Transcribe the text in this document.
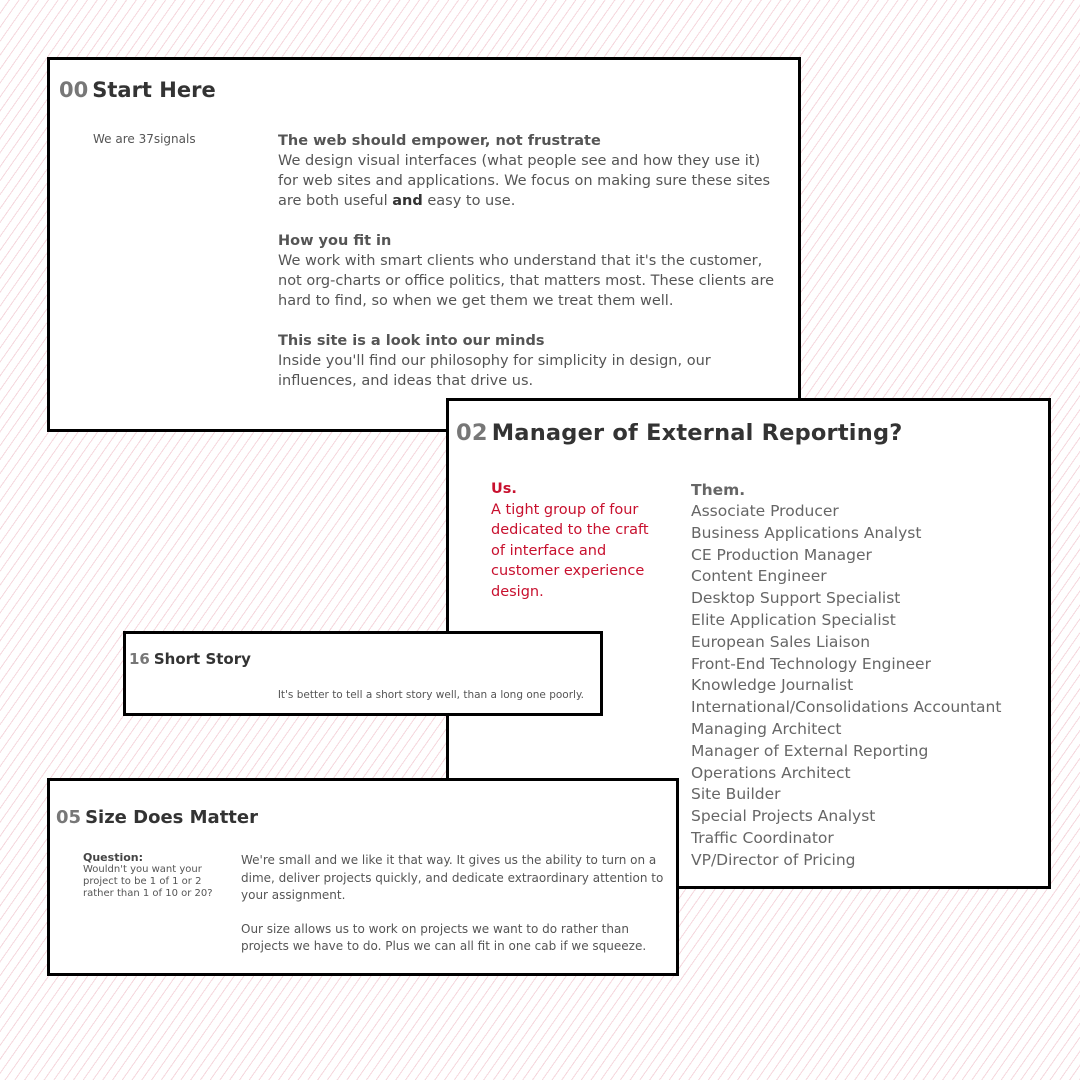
00 Start Here
We are 37signals	The web should empower, not frustrate
We design visual interfaces (what people see and how they use it) for web sites and applications. We focus on making sure these sites are both useful and easy to use.
How you fit in
We work with smart clients who understand that it's the customer, not org-charts or office politics, that matters most. These clients are hard to find, so when we get them we treat them well.
This site is a look into our minds
Inside you'll find our philosophy for simplicity in design, our influences, and ideas that drive us.
02 Manager of External Reporting?
Us.
A tight group of four dedicated to the craft of interface and customer experience design.
Them.
Associate Producer
Business Applications Analyst
CE Production Manager
Content Engineer
Desktop Support Specialist
Elite Application Specialist
European Sales Liaison
Front-End Technology Engineer
Knowledge Journalist
International/Consolidations Accountant
Managing Architect
Manager of External Reporting
Operations Architect
Site Builder
Special Projects Analyst
Traffic Coordinator
VP/Director of Pricing
16 Short Story
It's better to tell a short story well, than a long one poorly.
05 Size Does Matter
Question:
Wouldn't you want your project to be 1 of 1 or 2 rather than 1 of 10 or 20?

We're small and we like it that way. It gives us the ability to turn on a dime, deliver projects quickly, and dedicate extraordinary attention to your assignment.

Our size allows us to work on projects we want to do rather than projects we have to do. Plus we can all fit in one cab if we squeeze.
